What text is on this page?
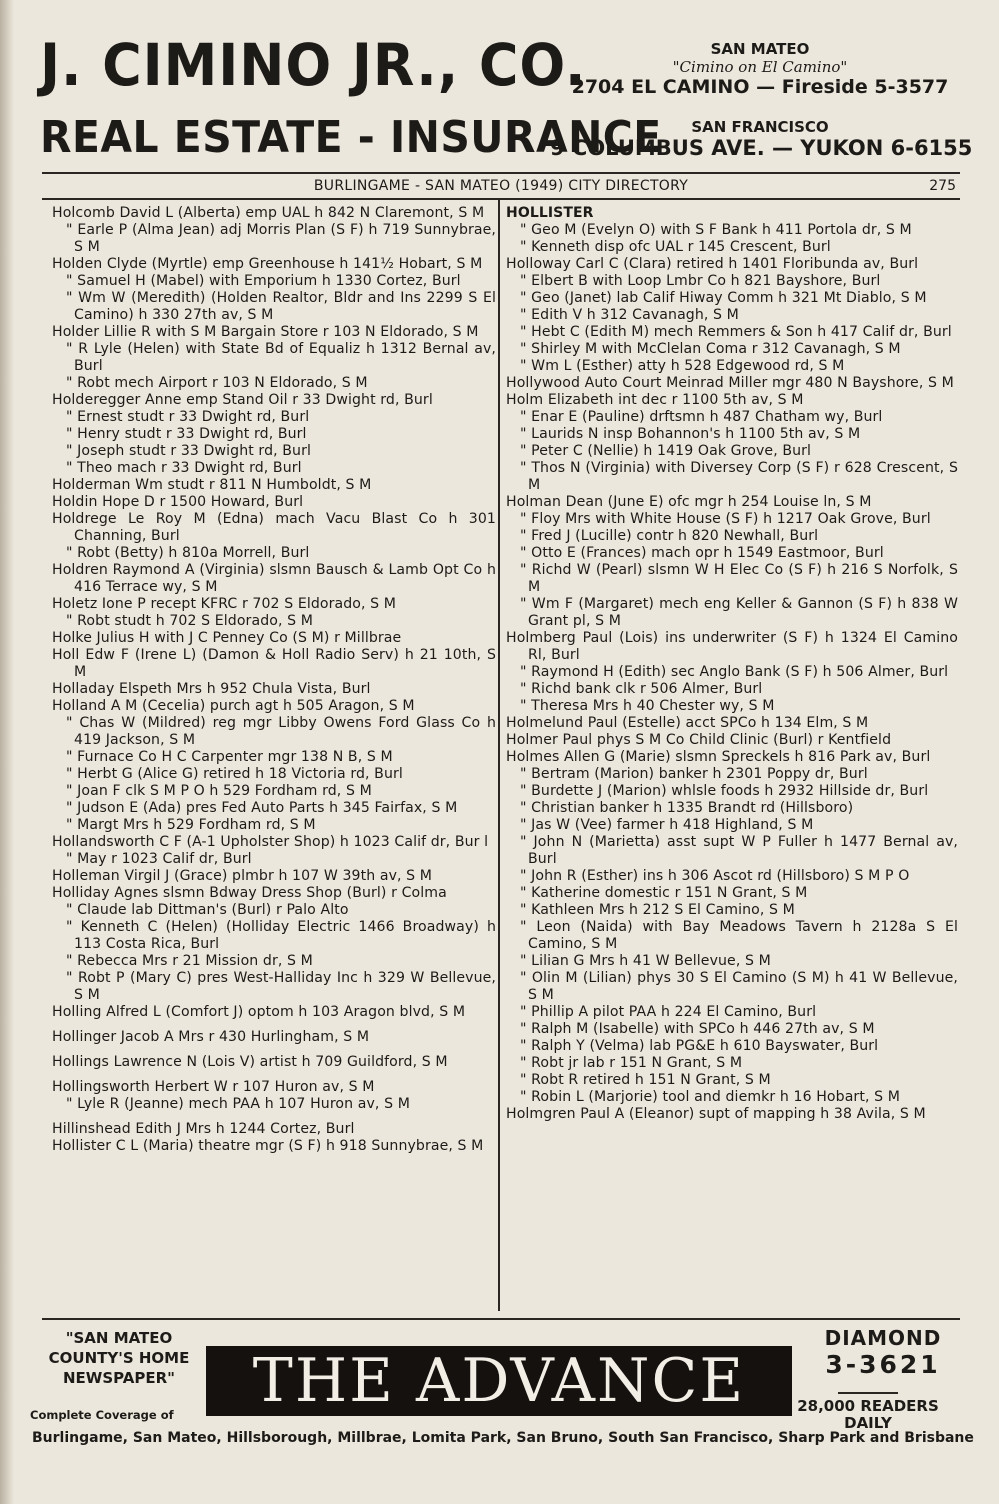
J. CIMINO JR., CO.
REAL ESTATE - INSURANCE
SAN MATEO
"Cimino on El Camino"
2704 EL CAMINO — Fireside 5-3577
SAN FRANCISCO
9 COLUMBUS AVE. — YUKON 6-6155
BURLINGAME - SAN MATEO (1949) CITY DIRECTORY	275
Holcomb David L (Alberta) emp UAL h 842 N Claremont, S M
" Earle P (Alma Jean) adj Morris Plan (S F) h 719 Sunnybrae, S M
Holden Clyde (Myrtle) emp Greenhouse h 141½ Hobart, S M
" Samuel H (Mabel) with Emporium h 1330 Cortez, Burl
" Wm W (Meredith) (Holden Realtor, Bldr and Ins 2299 S El Camino) h 330 27th av, S M
Holder Lillie R with S M Bargain Store r 103 N Eldorado, S M
" R Lyle (Helen) with State Bd of Equaliz h 1312 Bernal av, Burl
" Robt mech Airport r 103 N Eldorado, S M
Holderegger Anne emp Stand Oil r 33 Dwight rd, Burl
" Ernest studt r 33 Dwight rd, Burl
" Henry studt r 33 Dwight rd, Burl
" Joseph studt r 33 Dwight rd, Burl
" Theo mach r 33 Dwight rd, Burl
Holderman Wm studt r 811 N Humboldt, S M
Holdin Hope D r 1500 Howard, Burl
Holdrege Le Roy M (Edna) mach Vacu Blast Co h 301 Channing, Burl
" Robt (Betty) h 810a Morrell, Burl
Holdren Raymond A (Virginia) slsmn Bausch & Lamb Opt Co h 416 Terrace wy, S M
Holetz Ione P recept KFRC r 702 S Eldorado, S M
" Robt studt h 702 S Eldorado, S M
Holke Julius H with J C Penney Co (S M) r Millbrae
Holl Edw F (Irene L) (Damon & Holl Radio Serv) h 21 10th, S M
Holladay Elspeth Mrs h 952 Chula Vista, Burl
Holland A M (Cecelia) purch agt h 505 Aragon, S M
" Chas W (Mildred) reg mgr Libby Owens Ford Glass Co h 419 Jackson, S M
" Furnace Co H C Carpenter mgr 138 N B, S M
" Herbt G (Alice G) retired h 18 Victoria rd, Burl
" Joan F clk S M P O h 529 Fordham rd, S M
" Judson E (Ada) pres Fed Auto Parts h 345 Fairfax, S M
" Margt Mrs h 529 Fordham rd, S M
Hollandsworth C F (A-1 Upholster Shop) h 1023 Calif dr, Bur l
" May r 1023 Calif dr, Burl
Holleman Virgil J (Grace) plmbr h 107 W 39th av, S M
Holliday Agnes slsmn Bdway Dress Shop (Burl) r Colma
" Claude lab Dittman's (Burl) r Palo Alto
" Kenneth C (Helen) (Holliday Electric 1466 Broadway) h 113 Costa Rica, Burl
" Rebecca Mrs r 21 Mission dr, S M
" Robt P (Mary C) pres West-Halliday Inc h 329 W Bellevue, S M
Holling Alfred L (Comfort J) optom h 103 Aragon blvd, S M
Hollinger Jacob A Mrs r 430 Hurlingham, S M
Hollings Lawrence N (Lois V) artist h 709 Guildford, S M
Hollingsworth Herbert W r 107 Huron av, S M
" Lyle R (Jeanne) mech PAA h 107 Huron av, S M
Hillinshead Edith J Mrs h 1244 Cortez, Burl
Hollister C L (Maria) theatre mgr (S F) h 918 Sunnybrae, S M
HOLLISTER
" Geo M (Evelyn O) with S F Bank h 411 Portola dr, S M
" Kenneth disp ofc UAL r 145 Crescent, Burl
Holloway Carl C (Clara) retired h 1401 Floribunda av, Burl
" Elbert B with Loop Lmbr Co h 821 Bayshore, Burl
" Geo (Janet) lab Calif Hiway Comm h 321 Mt Diablo, S M
" Edith V h 312 Cavanagh, S M
" Hebt C (Edith M) mech Remmers & Son h 417 Calif dr, Burl
" Shirley M with McClelan Coma r 312 Cavanagh, S M
" Wm L (Esther) atty h 528 Edgewood rd, S M
Hollywood Auto Court Meinrad Miller mgr 480 N Bayshore, S M
Holm Elizabeth int dec r 1100 5th av, S M
" Enar E (Pauline) drftsmn h 487 Chatham wy, Burl
" Laurids N insp Bohannon's h 1100 5th av, S M
" Peter C (Nellie) h 1419 Oak Grove, Burl
" Thos N (Virginia) with Diversey Corp (S F) r 628 Crescent, S M
Holman Dean (June E) ofc mgr h 254 Louise ln, S M
" Floy Mrs with White House (S F) h 1217 Oak Grove, Burl
" Fred J (Lucille) contr h 820 Newhall, Burl
" Otto E (Frances) mach opr h 1549 Eastmoor, Burl
" Richd W (Pearl) slsmn W H Elec Co (S F) h 216 S Norfolk, S M
" Wm F (Margaret) mech eng Keller & Gannon (S F) h 838 W Grant pl, S M
Holmberg Paul (Lois) ins underwriter (S F) h 1324 El Camino Rl, Burl
" Raymond H (Edith) sec Anglo Bank (S F) h 506 Almer, Burl
" Richd bank clk r 506 Almer, Burl
" Theresa Mrs h 40 Chester wy, S M
Holmelund Paul (Estelle) acct SPCo h 134 Elm, S M
Holmer Paul phys S M Co Child Clinic (Burl) r Kentfield
Holmes Allen G (Marie) slsmn Spreckels h 816 Park av, Burl
" Bertram (Marion) banker h 2301 Poppy dr, Burl
" Burdette J (Marion) whlsle foods h 2932 Hillside dr, Burl
" Christian banker h 1335 Brandt rd (Hillsboro)
" Jas W (Vee) farmer h 418 Highland, S M
" John N (Marietta) asst supt W P Fuller h 1477 Bernal av, Burl
" John R (Esther) ins h 306 Ascot rd (Hillsboro) S M P O
" Katherine domestic r 151 N Grant, S M
" Kathleen Mrs h 212 S El Camino, S M
" Leon (Naida) with Bay Meadows Tavern h 2128a S El Camino, S M
" Lilian G Mrs h 41 W Bellevue, S M
" Olin M (Lilian) phys 30 S El Camino (S M) h 41 W Bellevue, S M
" Phillip A pilot PAA h 224 El Camino, Burl
" Ralph M (Isabelle) with SPCo h 446 27th av, S M
" Ralph Y (Velma) lab PG&E h 610 Bayswater, Burl
" Robt jr lab r 151 N Grant, S M
" Robt R retired h 151 N Grant, S M
" Robin L (Marjorie) tool and diemkr h 16 Hobart, S M
Holmgren Paul A (Eleanor) supt of mapping h 38 Avila, S M
"SAN MATEO COUNTY'S HOME NEWSPAPER"
Complete Coverage of THE ADVANCE
DIAMOND
3-3621
28,000 READERS DAILY
Burlingame, San Mateo, Hillsborough, Millbrae, Lomita Park, San Bruno, South San Francisco, Sharp Park and Brisbane
